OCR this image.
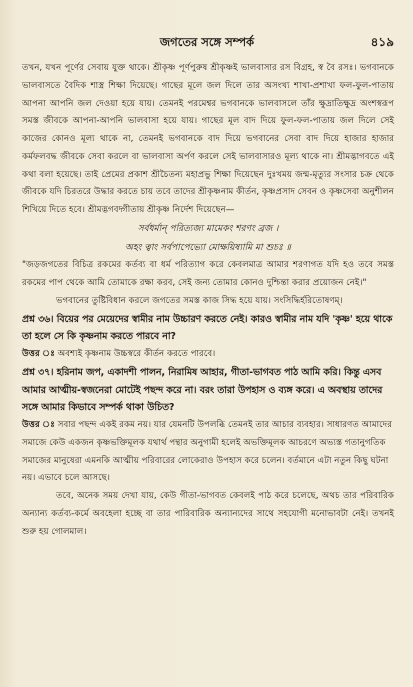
জগতের সঙ্গে সম্পর্ক	৪১৯

তখন, যখন পূর্ণের সেবায় যুক্ত থাকে। শ্রীকৃষ্ণ পূর্ণপুরুষ শ্রীকৃষ্ণই ভালবাসার রস বিগ্রহ, স্ব বৈ রসঃ। ভগবানকে ভালবাসতে বৈদিক শাস্ত্র শিক্ষা দিয়েছে। গাছের মূলে জল দিলে তার অসংখ্য শাখা-প্রশাখা ফল-ফুল-পাতায় আপনা আপনি জল দেওয়া হয়ে যায়। তেমনই পরমেশ্বর ভগবানকে ভালবাসলে তাঁর ক্ষুদ্রাতিক্ষুদ্র অংশস্বরূপ সমস্ত জীবকে আপনা-আপনি ভালবাসা হয়ে যায়। গাছের মূল বাদ দিয়ে ফুল-ফল-পাতায় জল দিলে সেই কাজের কোনও মূল্য থাকে না, তেমনই ভগবানকে বাদ দিয়ে ভগবানের সেবা বাদ দিয়ে হাজার হাজার কর্মফলবদ্ধ জীবকে সেবা করলে বা ভালবাসা অর্পণ করলে সেই ভালবাসারও মূল্য থাকে না। শ্রীমদ্ভাগবতে এই কথা বলা হয়েছে। তাই প্রেমের প্রকাশ শ্রীচৈতন্য মহাপ্রভু শিক্ষা দিয়েছেন দুঃখময় জন্ম-মৃত্যুর সংসার চক্র থেকে জীবকে যদি চিরতরে উদ্ধার করতে চায় তবে তাদের শ্রীকৃষ্ণনাম কীর্তন, কৃষ্ণপ্রসাদ সেবন ও কৃষ্ণসেবা অনুশীলন শিখিয়ে দিতে হবে। শ্রীমদ্ভগবদ্গীতায় শ্রীকৃষ্ণ নির্দেশ দিয়েছেন—

সর্বধর্মান্ পরিত্যজ্য মামেকং শরণং ব্রজ ।

অহং ত্বাং সর্বপাপেভ্যো মোক্ষয়িষ্যামি মা শুচঃ ॥

"জড়জগতের বিচিত্র রকমের কর্তব্য বা ধর্ম পরিত্যাগ করে কেবলমাত্র আমার শরণাগত যদি হও তবে সমস্ত রকমের পাপ থেকে আমি তোমাকে রক্ষা করব, সেই জন্য তোমার কোনও দুশ্চিন্তা করার প্রয়োজন নেই।"

ভগবানের তুষ্টিবিধান করলে জগতের সমস্ত কাজ সিদ্ধ হয়ে যায়। সংসিদ্ধির্হরিতোষণম্।

প্রশ্ন ৩৬। বিয়ের পর মেয়েদের স্বামীর নাম উচ্চারণ করতে নেই। কারও স্বামীর নাম যদি 'কৃষ্ণ' হয়ে থাকে তা হলে সে কি কৃষ্ণনাম করতে পারবে না?

উত্তর ঃ অবশ্যই কৃষ্ণনাম উচ্চস্বরে কীর্তন করতে পারবে।

প্রশ্ন ৩৭। হরিনাম জপ, একাদশী পালন, নিরামিষ আহার, গীতা-ভাগবত পাঠ আমি করি। কিন্তু এসব আমার আত্মীয়-স্বজনেরা মোটেই পছন্দ করে না। বরং তারা উপহাস ও ব্যঙ্গ করে। এ অবস্থায় তাদের সঙ্গে আমার কিভাবে সম্পর্ক থাকা উচিত?

উত্তর ঃ সবার পছন্দ একই রকম নয়। যার যেমনটি উপলব্ধি তেমনই তার আচার ব্যবহার। সাধারণত আমাদের সমাজে কেউ একজন কৃষ্ণভক্তিমূলক যথার্থ পন্থার অনুগামী হলেই অভক্তিমূলক আচরণে অভ্যস্ত গতানুগতিক সমাজের মানুষেরা এমনকি আত্মীয় পরিবারের লোকেরাও উপহাস করে চলেন। বর্তমানে এটা নতুন কিছু ঘটনা নয়। এভাবে চলে আসছে।

তবে, অনেক সময় দেখা যায়, কেউ গীতা-ভাগবত কেবলই পাঠ করে চলেছে, অথচ তার পরিবারিক অন্যান্য কর্তব্য-কর্মে অবহেলা হচ্ছে বা তার পারিবারিক অন্যান্যদের সাথে সহযোগী মনোভাবটা নেই। তখনই শুরু হয় গোলমাল।
